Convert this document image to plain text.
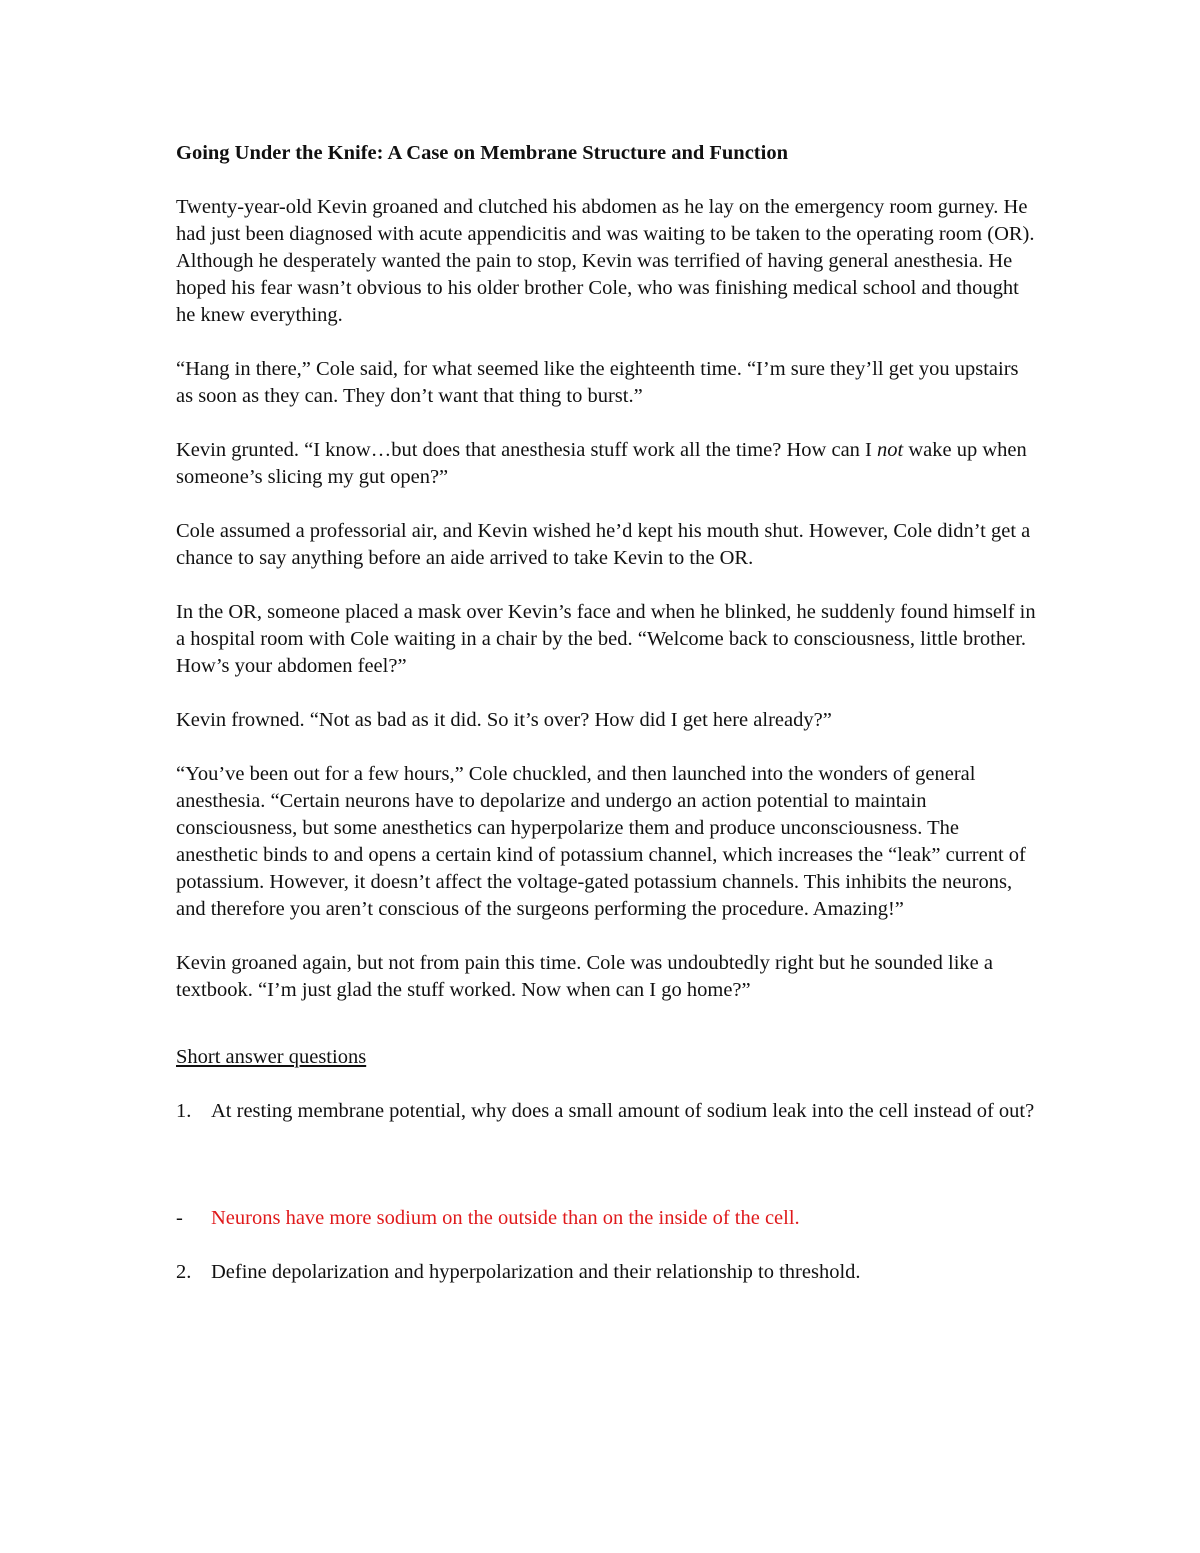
Going Under the Knife: A Case on Membrane Structure and Function

Twenty-year-old Kevin groaned and clutched his abdomen as he lay on the emergency room gurney. He had just been diagnosed with acute appendicitis and was waiting to be taken to the operating room (OR). Although he desperately wanted the pain to stop, Kevin was terrified of having general anesthesia. He hoped his fear wasn’t obvious to his older brother Cole, who was finishing medical school and thought he knew everything.

“Hang in there,” Cole said, for what seemed like the eighteenth time. “I’m sure they’ll get you upstairs as soon as they can. They don’t want that thing to burst.”

Kevin grunted. “I know…but does that anesthesia stuff work all the time? How can I not wake up when someone’s slicing my gut open?”

Cole assumed a professorial air, and Kevin wished he’d kept his mouth shut. However, Cole didn’t get a chance to say anything before an aide arrived to take Kevin to the OR.

In the OR, someone placed a mask over Kevin’s face and when he blinked, he suddenly found himself in a hospital room with Cole waiting in a chair by the bed. “Welcome back to consciousness, little brother. How’s your abdomen feel?”

Kevin frowned. “Not as bad as it did. So it’s over? How did I get here already?”

“You’ve been out for a few hours,” Cole chuckled, and then launched into the wonders of general anesthesia. “Certain neurons have to depolarize and undergo an action potential to maintain consciousness, but some anesthetics can hyperpolarize them and produce unconsciousness. The anesthetic binds to and opens a certain kind of potassium channel, which increases the “leak” current of potassium. However, it doesn’t affect the voltage-gated potassium channels. This inhibits the neurons, and therefore you aren’t conscious of the surgeons performing the procedure. Amazing!”

Kevin groaned again, but not from pain this time. Cole was undoubtedly right but he sounded like a textbook. “I’m just glad the stuff worked. Now when can I go home?”

Short answer questions
1. At resting membrane potential, why does a small amount of sodium leak into the cell instead of out?
-	Neurons have more sodium on the outside than on the inside of the cell.
2. Define depolarization and hyperpolarization and their relationship to threshold.
